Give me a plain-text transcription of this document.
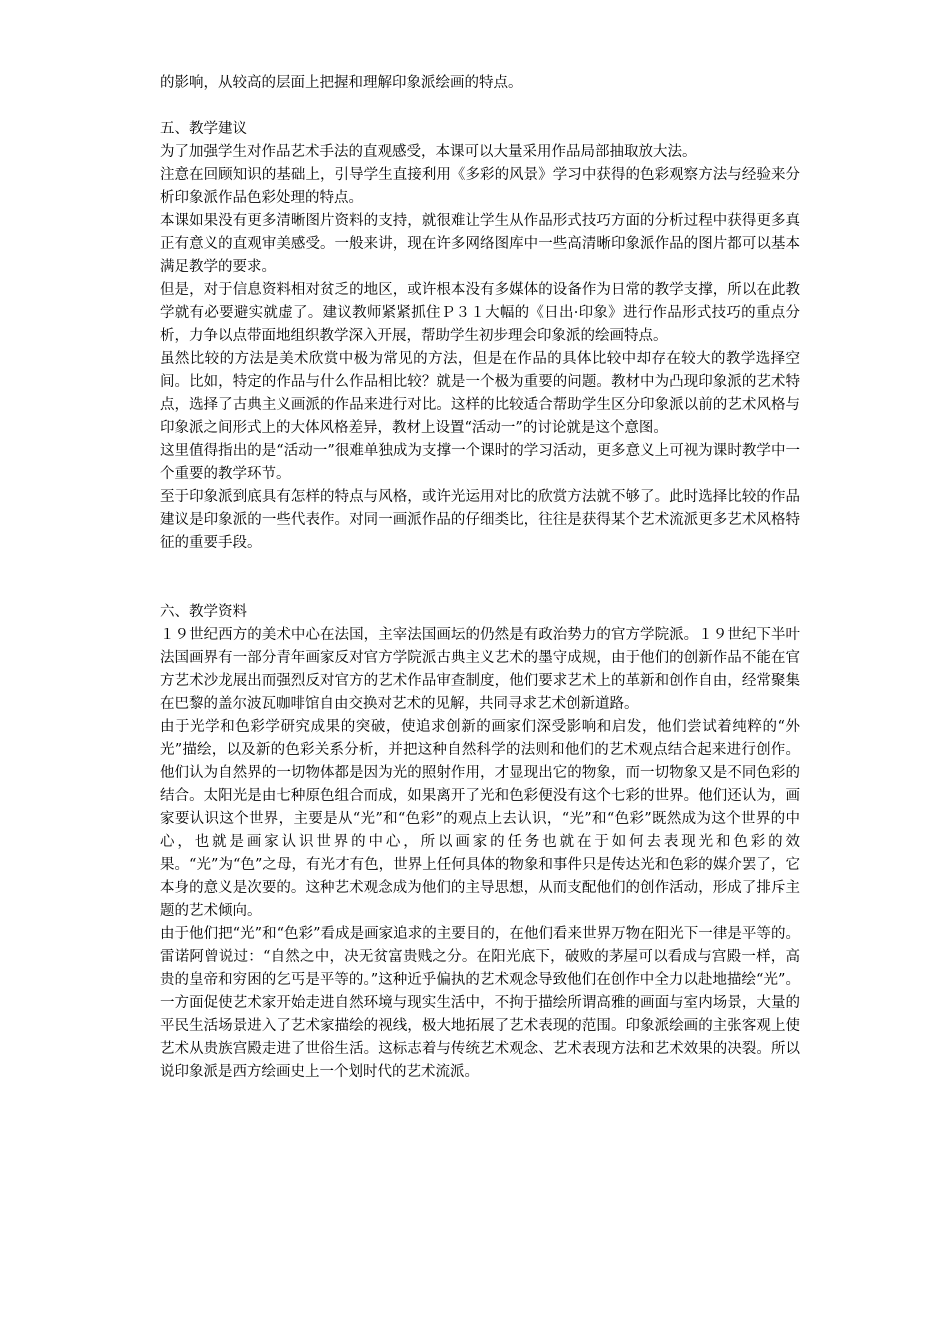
的影响，从较高的层面上把握和理解印象派绘画的特点。

五、教学建议

为了加强学生对作品艺术手法的直观感受，本课可以大量采用作品局部抽取放大法。

注意在回顾知识的基础上，引导学生直接利用《多彩的风景》学习中获得的色彩观察方法与经验来分析印象派作品色彩处理的特点。

本课如果没有更多清晰图片资料的支持，就很难让学生从作品形式技巧方面的分析过程中获得更多真正有意义的直观审美感受。一般来讲，现在许多网络图库中一些高清晰印象派作品的图片都可以基本满足教学的要求。

但是，对于信息资料相对贫乏的地区，或许根本没有多媒体的设备作为日常的教学支撑，所以在此教学就有必要避实就虚了。建议教师紧紧抓住Ｐ３１大幅的《日出·印象》进行作品形式技巧的重点分析，力争以点带面地组织教学深入开展，帮助学生初步理会印象派的绘画特点。

虽然比较的方法是美术欣赏中极为常见的方法，但是在作品的具体比较中却存在较大的教学选择空间。比如，特定的作品与什么作品相比较？就是一个极为重要的问题。教材中为凸现印象派的艺术特点，选择了古典主义画派的作品来进行对比。这样的比较适合帮助学生区分印象派以前的艺术风格与印象派之间形式上的大体风格差异，教材上设置“活动一”的讨论就是这个意图。

这里值得指出的是“活动一”很难单独成为支撑一个课时的学习活动，更多意义上可视为课时教学中一个重要的教学环节。

至于印象派到底具有怎样的特点与风格，或许光运用对比的欣赏方法就不够了。此时选择比较的作品建议是印象派的一些代表作。对同一画派作品的仔细类比，往往是获得某个艺术流派更多艺术风格特征的重要手段。

六、教学资料

１９世纪西方的美术中心在法国，主宰法国画坛的仍然是有政治势力的官方学院派。１９世纪下半叶法国画界有一部分青年画家反对官方学院派古典主义艺术的墨守成规，由于他们的创新作品不能在官方艺术沙龙展出而强烈反对官方的艺术作品审查制度，他们要求艺术上的革新和创作自由，经常聚集在巴黎的盖尔波瓦咖啡馆自由交换对艺术的见解，共同寻求艺术创新道路。

由于光学和色彩学研究成果的突破，使追求创新的画家们深受影响和启发，他们尝试着纯粹的“外光”描绘，以及新的色彩关系分析，并把这种自然科学的法则和他们的艺术观点结合起来进行创作。他们认为自然界的一切物体都是因为光的照射作用，才显现出它的物象，而一切物象又是不同色彩的结合。太阳光是由七种原色组合而成，如果离开了光和色彩便没有这个七彩的世界。他们还认为，画家要认识这个世界，主要是从“光”和“色彩”的观点上去认识，“光”和“色彩”既然成为这个世界的中心，也就是画家认识世界的中心，所以画家的任务也就在于如何去表现光和色彩的效果。“光”为“色”之母，有光才有色，世界上任何具体的物象和事件只是传达光和色彩的媒介罢了，它本身的意义是次要的。这种艺术观念成为他们的主导思想，从而支配他们的创作活动，形成了排斥主题的艺术倾向。

由于他们把“光”和“色彩”看成是画家追求的主要目的，在他们看来世界万物在阳光下一律是平等的。雷诺阿曾说过：“自然之中，决无贫富贵贱之分。在阳光底下，破败的茅屋可以看成与宫殿一样，高贵的皇帝和穷困的乞丐是平等的。”这种近乎偏执的艺术观念导致他们在创作中全力以赴地描绘“光”。一方面促使艺术家开始走进自然环境与现实生活中，不拘于描绘所谓高雅的画面与室内场景，大量的平民生活场景进入了艺术家描绘的视线，极大地拓展了艺术表现的范围。印象派绘画的主张客观上使艺术从贵族宫殿走进了世俗生活。这标志着与传统艺术观念、艺术表现方法和艺术效果的决裂。所以说印象派是西方绘画史上一个划时代的艺术流派。
